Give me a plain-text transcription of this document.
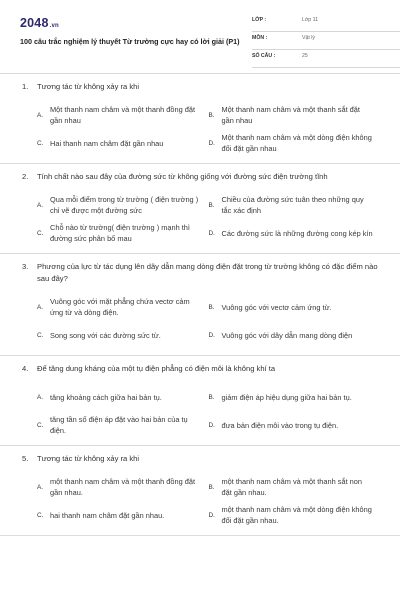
2048.vn
100 câu trắc nghiệm lý thuyết Từ trường cực hay có lời giải (P1)
LỚP :	Lớp 11
MÔN :	Vật lý
SỐ CÂU :	25
1.	Tương tác từ không xảy ra khi
A.
Một thanh nam châm và một thanh đồng đặt gần nhau
B.
Một thanh nam châm và một thanh sắt đặt gần nhau
C. Hai thanh nam châm đặt gần nhau	D.
Một thanh nam châm và một dòng điện không đổi đặt gần nhau
2.	Tính chất nào sau đây của đường sức từ không giống với đường sức điện trường tĩnh
A.
Qua mỗi điểm trong từ trường ( điện trường ) chỉ vẽ được một đường sức
B.
Chiều của đường sức tuân theo những quy tắc xác định
C.
Chỗ nào từ trường( điện trường ) mạnh thì đường sức phân bố mau
D. Các đường sức là những đường cong kép kín
3.	Phương của lực từ tác dụng lên dây dẫn mang dòng điện đặt trong từ trường không có đặc điểm nào sau đây?
A.
Vuông góc với mặt phẳng chứa vectơ cảm ứng từ và dòng điện.
B. Vuông góc với vectơ cảm ứng từ.
C. Song song với các đường sức từ.	D. Vuông góc với dây dẫn mang dòng điện
4.	Để tăng dung kháng của một tụ điện phẳng có điện môi là không khí ta
A. tăng khoảng cách giữa hai bản tụ.	B. giảm điện áp hiệu dụng giữa hai bản tụ.
C.
tăng tần số điện áp đặt vào hai bản của tụ điện.
D. đưa bản điện môi vào trong tụ điện.
5.	Tương tác từ không xảy ra khi
A.
một thanh nam châm và một thanh đồng đặt gần nhau.
B.
một thanh nam châm và một thanh sắt non đặt gần nhau.
C. hai thanh nam châm đặt gần nhau.	D.
một thanh nam châm và một dòng điện không đổi đặt gần nhau.
